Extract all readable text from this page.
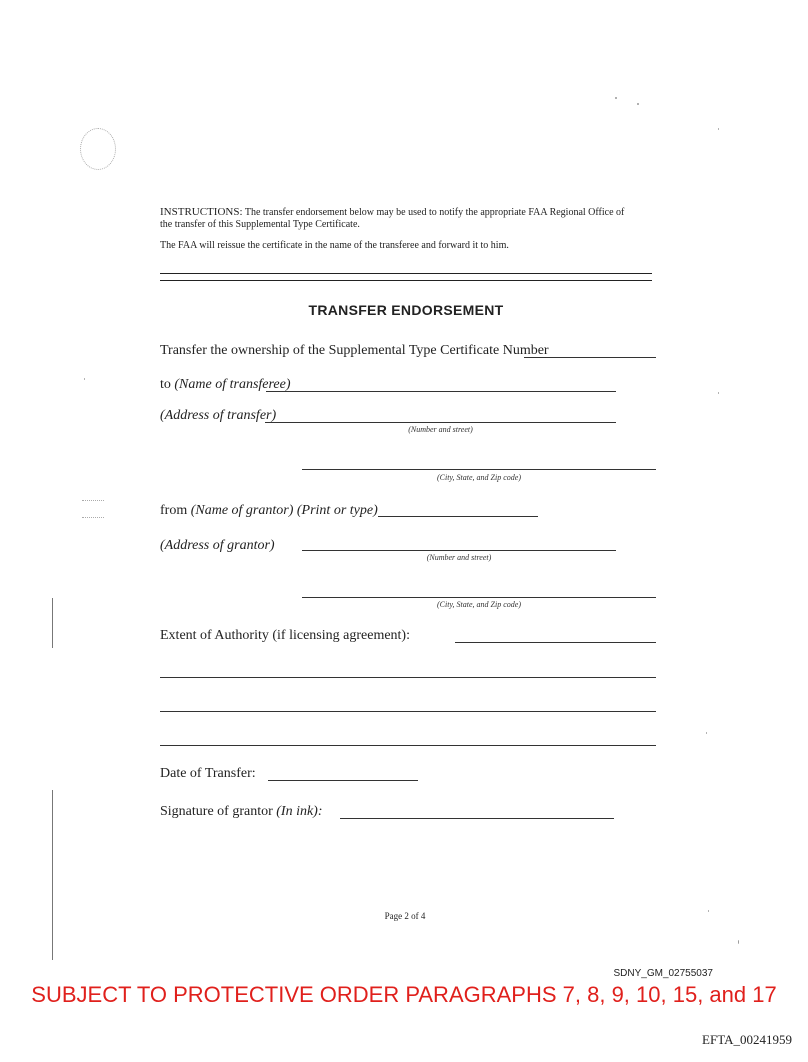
INSTRUCTIONS: The transfer endorsement below may be used to notify the appropriate FAA Regional Office of
the transfer of this Supplemental Type Certificate.
The FAA will reissue the certificate in the name of the transferee and forward it to him.
TRANSFER ENDORSEMENT
Transfer the ownership of the Supplemental Type Certificate Number
to (Name of transferee)
(Address of transfer)
(Number and street)
(City, State, and Zip code)
from (Name of grantor) (Print or type)
(Address of grantor)
(Number and street)
(City, State, and Zip code)
Extent of Authority (if licensing agreement):
Date of Transfer:
Signature of grantor (In ink):
Page 2 of 4
SDNY_GM_02755037
SUBJECT TO PROTECTIVE ORDER PARAGRAPHS 7, 8, 9, 10, 15, and 17
EFTA_00241959
